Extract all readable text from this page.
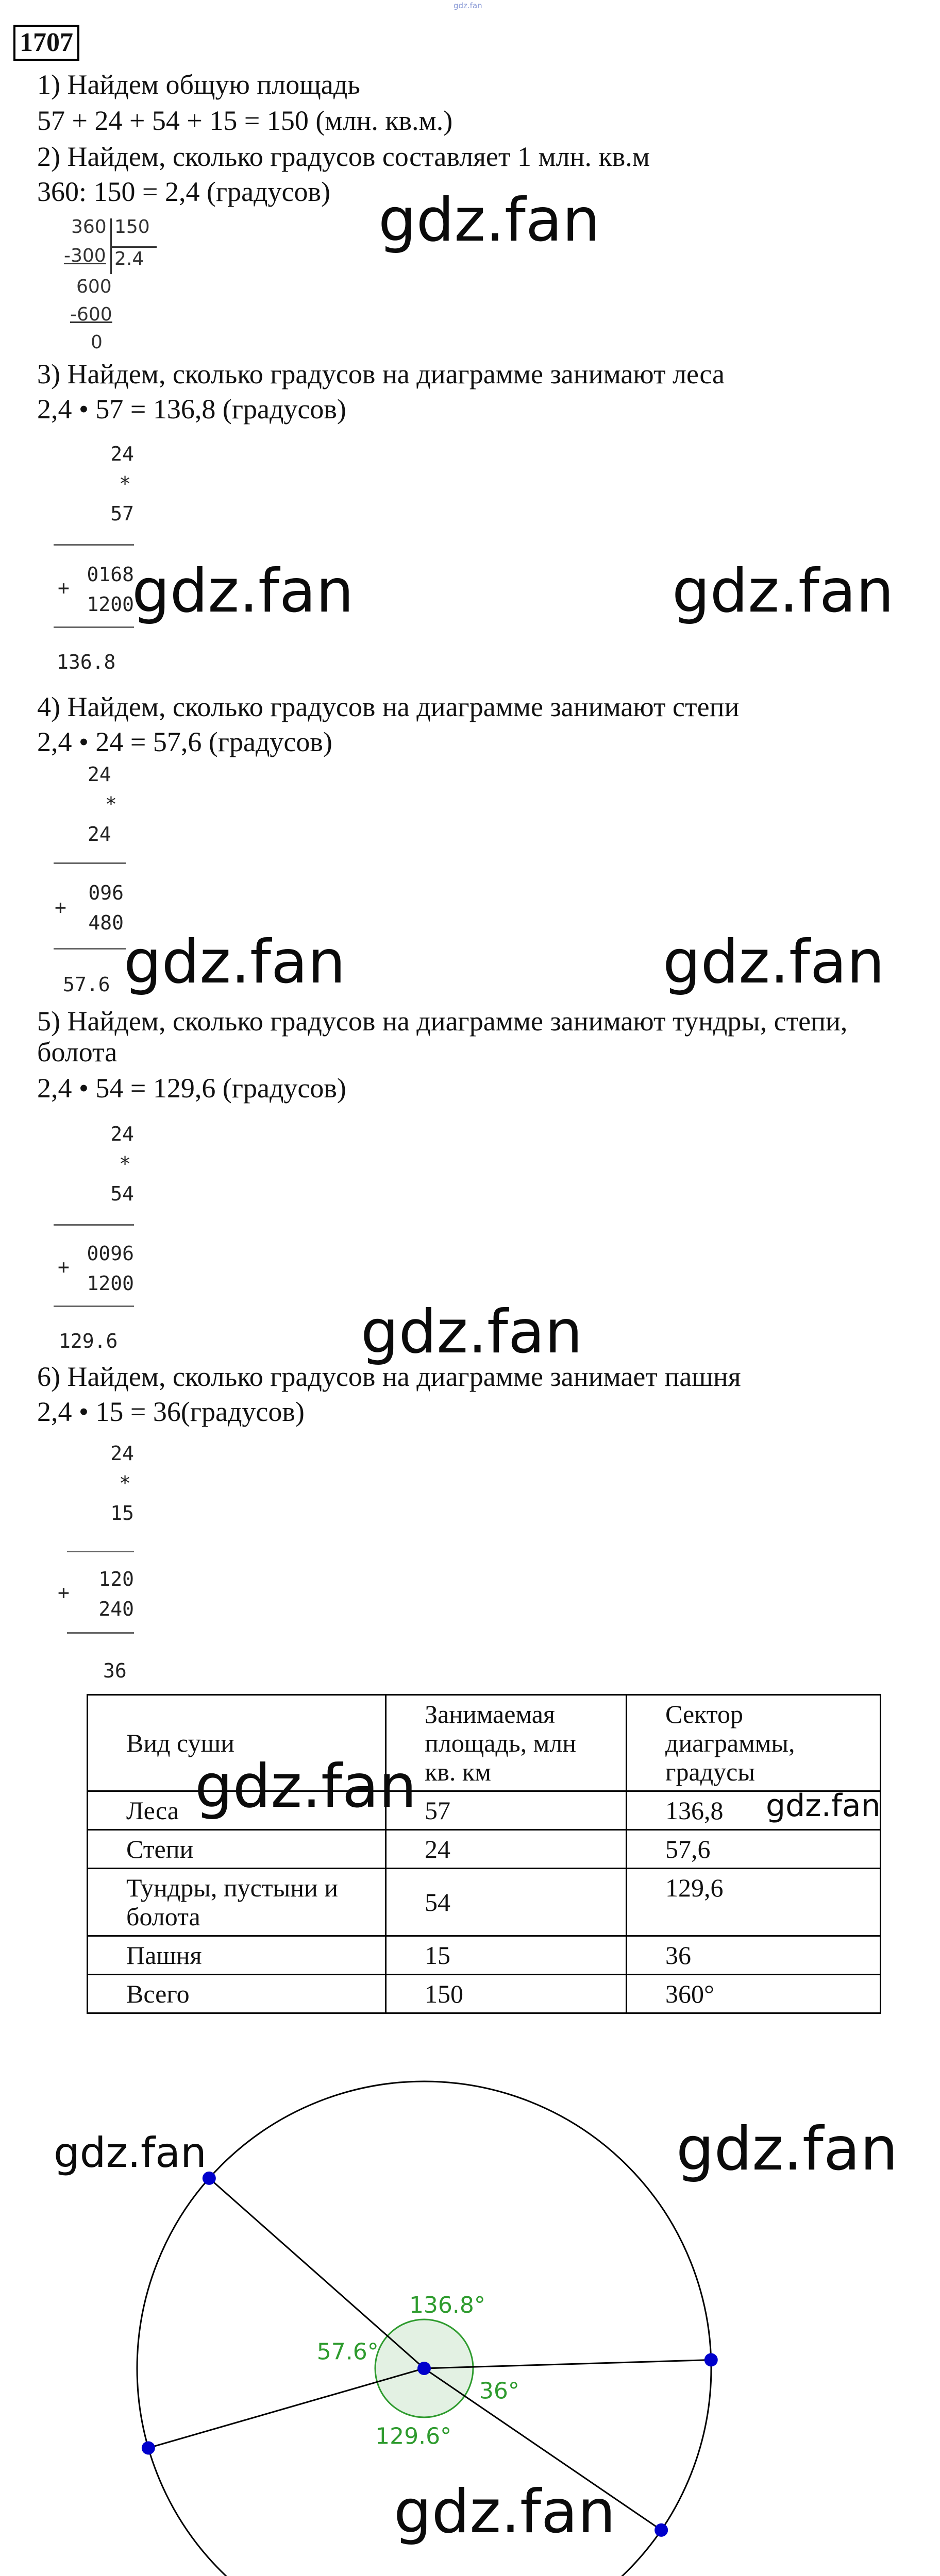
gdz.fan
1707
1) Найдем общую площадь
57 + 24 + 54 + 15 = 150 (млн. кв.м.)
2) Найдем, сколько градусов составляет 1 млн. кв.м
360: 150 = 2,4 (градусов)
360 150
-300 2.4
600
-600
0
3) Найдем, сколько градусов на диаграмме занимают леса
2,4 • 57 = 136,8 (градусов)
24
*
57
+
0168
1200
136.8
4) Найдем, сколько градусов на диаграмме занимают степи
2,4 • 24 = 57,6 (градусов)
24
*
24
+
096
480
57.6
5) Найдем, сколько градусов на диаграмме занимают тундры, степи,
болота
2,4 • 54 = 129,6 (градусов)
24
*
54
+
0096
1200
129.6
6) Найдем, сколько градусов на диаграмме занимает пашня
2,4 • 15 = 36(градусов)
24
*
15
+
120
240
36
Вид суши	Занимаемая площадь, млн кв. км	Сектор диаграммы, градусы
Леса	57	136,8
Степи	24	57,6
Тундры, пустыни и болота	54	129,6
Пашня	15	36
Всего	150	360°
136.8°
57.6°
129.6°
36°
gdz.fan
gdz.fan	gdz.fan
gdz.fan	gdz.fan
gdz.fan
gdz.fan	gdz.fan
gdz.fan	gdz.fan
gdz.fan
